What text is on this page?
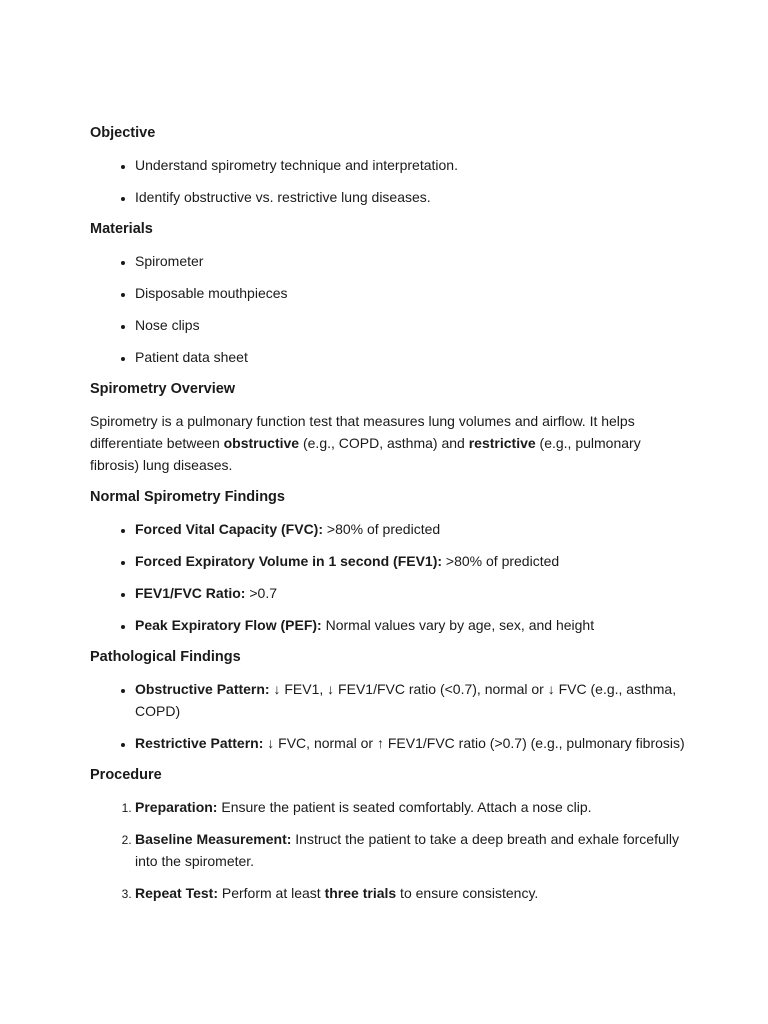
Objective
• Understand spirometry technique and interpretation.
• Identify obstructive vs. restrictive lung diseases.
Materials
• Spirometer
• Disposable mouthpieces
• Nose clips
• Patient data sheet
Spirometry Overview

Spirometry is a pulmonary function test that measures lung volumes and airflow. It helps differentiate between obstructive (e.g., COPD, asthma) and restrictive (e.g., pulmonary fibrosis) lung diseases.

Normal Spirometry Findings
• Forced Vital Capacity (FVC): >80% of predicted
• Forced Expiratory Volume in 1 second (FEV1): >80% of predicted
• FEV1/FVC Ratio: >0.7
• Peak Expiratory Flow (PEF): Normal values vary by age, sex, and height
Pathological Findings
• Obstructive Pattern: ↓ FEV1, ↓ FEV1/FVC ratio (<0.7), normal or ↓ FVC (e.g., asthma, COPD)
• Restrictive Pattern: ↓ FVC, normal or ↑ FEV1/FVC ratio (>0.7) (e.g., pulmonary fibrosis)
Procedure
1. Preparation: Ensure the patient is seated comfortably. Attach a nose clip.
2. Baseline Measurement: Instruct the patient to take a deep breath and exhale forcefully into the spirometer.
3. Repeat Test: Perform at least three trials to ensure consistency.
